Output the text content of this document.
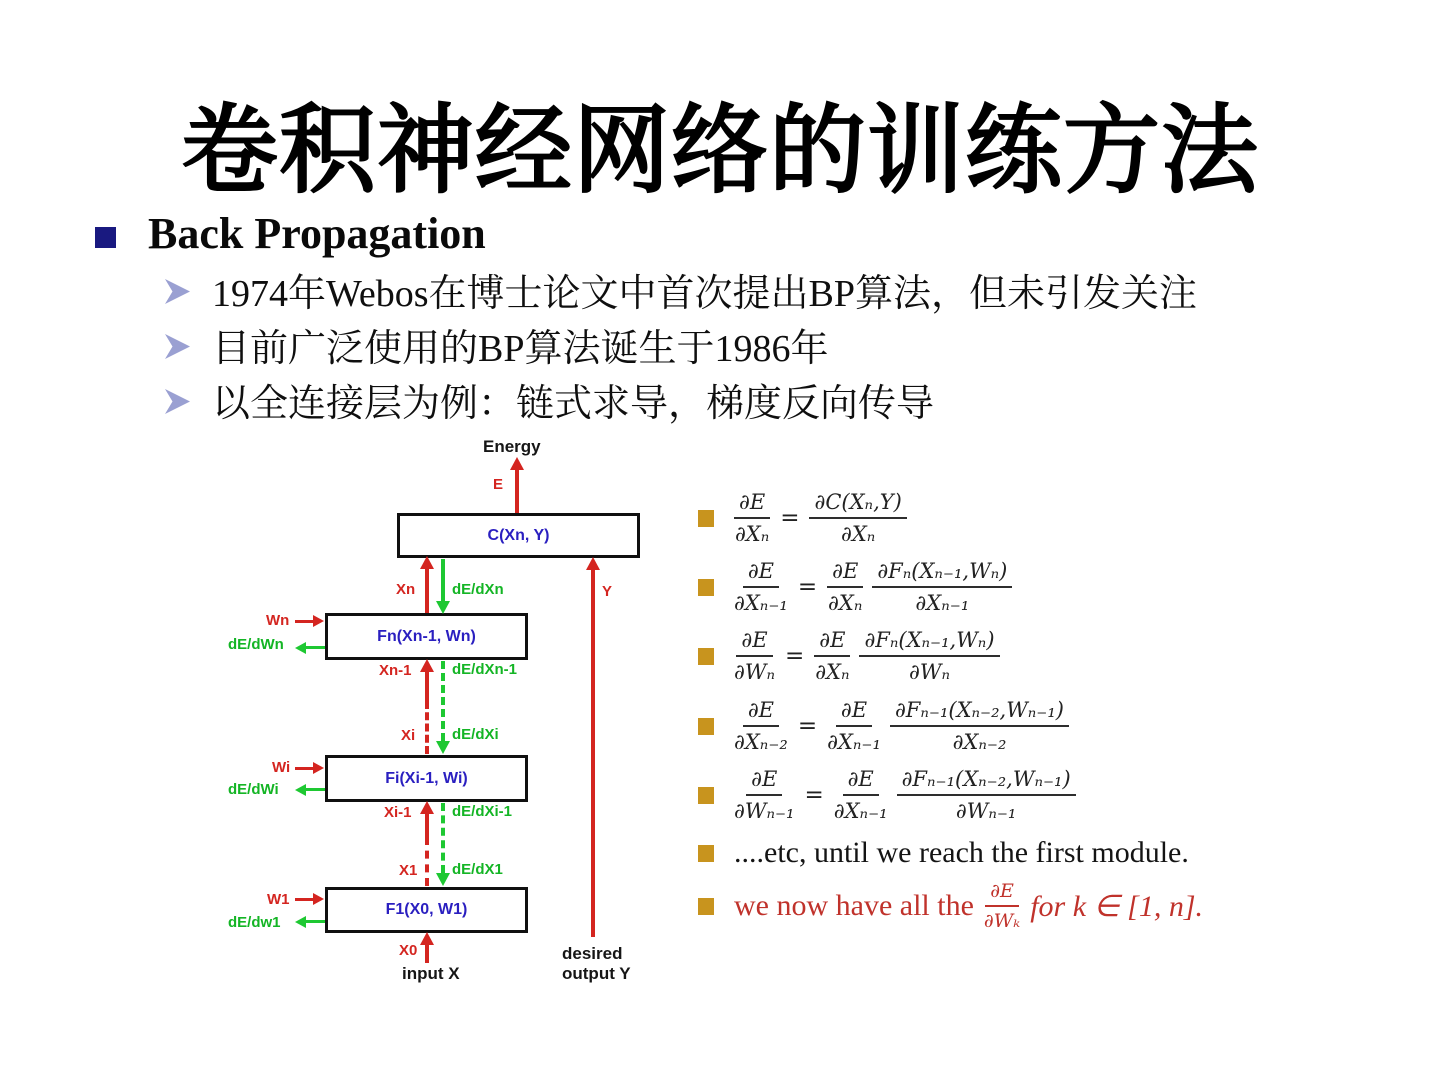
卷积神经网络的训练方法
Back Propagation
1974年Webos在博士论文中首次提出BP算法，但未引发关注
目前广泛使用的BP算法诞生于1986年
以全连接层为例：链式求导，梯度反向传导
C(Xn, Y)
Fn(Xn-1, Wn)
Fi(Xi-1, Wi)
F1(X0, W1)
Energy
E
Y
Xn dE/dXn
Xn-1	dE/dXn-1
Xi dE/dXi
Xi-1	dE/dXi-1
X1 dE/dX1
X0
input X
desired
output Y
Wn
dE/dWn
Wi
dE/dWi
W1
dE/dw1
$\frac{\partial E}{\text{∂Xₙ}} = \frac{\text{∂C(Xₙ,Y)}}{\text{∂Xₙ}}$
$\frac{\partial E}{\text{∂Xₙ₋₁}} = \frac{\partial E}{\text{∂Xₙ}} \frac{\text{∂Fₙ(Xₙ₋₁,Wₙ)}}{\text{∂Xₙ₋₁}}$
$\frac{\partial E}{\text{∂Wₙ}} = \frac{\partial E}{\text{∂Xₙ}} \frac{\text{∂Fₙ(Xₙ₋₁,Wₙ)}}{\text{∂Wₙ}}$
$\frac{\partial E}{\text{∂Xₙ₋₂}} = \frac{\partial E}{\text{∂Xₙ₋₁}} \frac{\text{∂Fₙ₋₁(Xₙ₋₂,Wₙ₋₁)}}{\text{∂Xₙ₋₂}}$
$\frac{\partial E}{\text{∂Wₙ₋₁}} = \frac{\partial E}{\text{∂Xₙ₋₁}} \frac{\text{∂Fₙ₋₁(Xₙ₋₂,Wₙ₋₁)}}{\text{∂Wₙ₋₁}}$
....etc, until we reach the first module.
we now have all the $\frac{\partial E}{\text{∂Wₖ}}$ for k ∈ [1, n].
